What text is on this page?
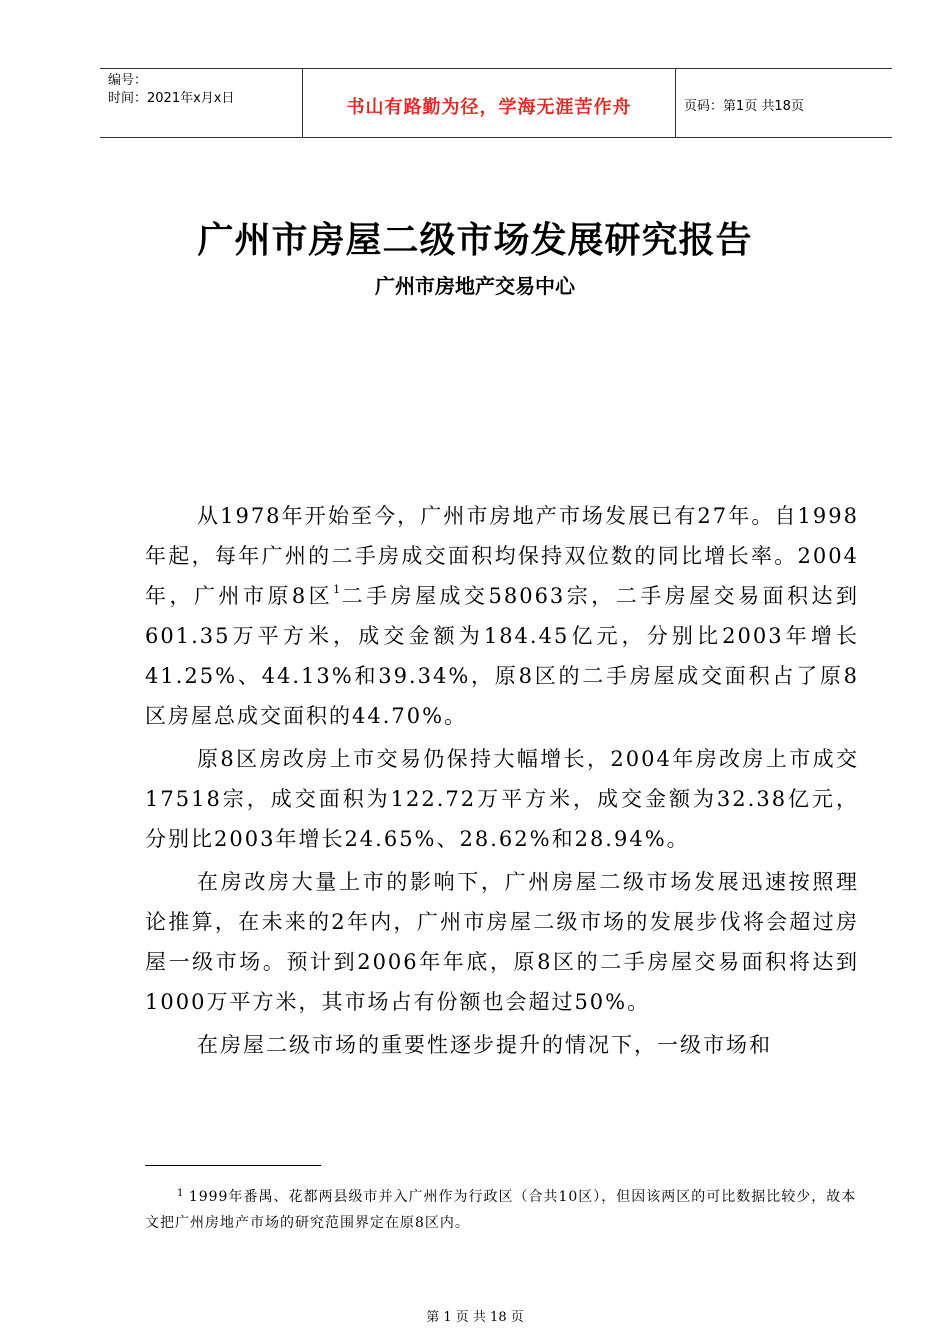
编号：
时间：2021年x月x日	书山有路勤为径，学海无涯苦作舟	页码：第1页 共18页
广州市房屋二级市场发展研究报告
广州市房地产交易中心

从1978年开始至今，广州市房地产市场发展已有27年。自1998年起，每年广州的二手房成交面积均保持双位数的同比增长率。2004年，广州市原8区$^1$二手房屋成交58063宗，二手房屋交易面积达到601.35万平方米，成交金额为184.45亿元，分别比2003年增长41.25%、44.13%和39.34%，原8区的二手房屋成交面积占了原8区房屋总成交面积的44.70%。

原8区房改房上市交易仍保持大幅增长，2004年房改房上市成交17518宗，成交面积为122.72万平方米，成交金额为32.38亿元，分别比2003年增长24.65%、28.62%和28.94%。

在房改房大量上市的影响下，广州房屋二级市场发展迅速按照理论推算，在未来的2年内，广州市房屋二级市场的发展步伐将会超过房屋一级市场。预计到2006年年底，原8区的二手房屋交易面积将达到1000万平方米，其市场占有份额也会超过50%。

在房屋二级市场的重要性逐步提升的情况下，一级市场和

$^1$ 1999年番禺、花都两县级市并入广州作为行政区（合共10区），但因该两区的可比数据比较少，故本文把广州房地产市场的研究范围界定在原8区内。
第 1 页 共 18 页
